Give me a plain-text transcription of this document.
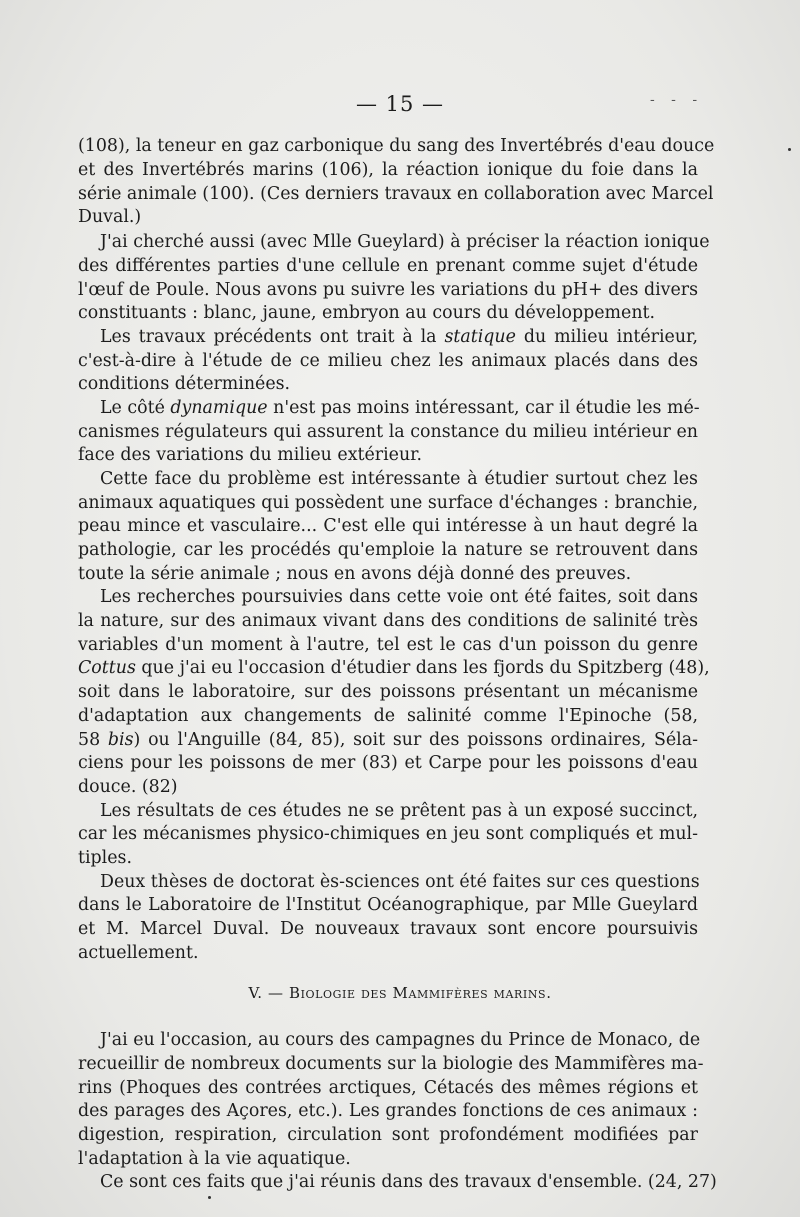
— 15 —	- - -
(108), la teneur en gaz carbonique du sang des Invertébrés d'eau douce
et des Invertébrés marins (106), la réaction ionique du foie dans la
série animale (100). (Ces derniers travaux en collaboration avec Marcel
Duval.)
J'ai cherché aussi (avec Mlle Gueylard) à préciser la réaction ionique
des différentes parties d'une cellule en prenant comme sujet d'étude
l'œuf de Poule. Nous avons pu suivre les variations du pH+ des divers
constituants : blanc, jaune, embryon au cours du développement.
Les travaux précédents ont trait à la statique du milieu intérieur,
c'est-à-dire à l'étude de ce milieu chez les animaux placés dans des
conditions déterminées.
Le côté dynamique n'est pas moins intéressant, car il étudie les mé-
canismes régulateurs qui assurent la constance du milieu intérieur en
face des variations du milieu extérieur.
Cette face du problème est intéressante à étudier surtout chez les
animaux aquatiques qui possèdent une surface d'échanges : branchie,
peau mince et vasculaire... C'est elle qui intéresse à un haut degré la
pathologie, car les procédés qu'emploie la nature se retrouvent dans
toute la série animale ; nous en avons déjà donné des preuves.
Les recherches poursuivies dans cette voie ont été faites, soit dans
la nature, sur des animaux vivant dans des conditions de salinité très
variables d'un moment à l'autre, tel est le cas d'un poisson du genre
Cottus que j'ai eu l'occasion d'étudier dans les fjords du Spitzberg (48),
soit dans le laboratoire, sur des poissons présentant un mécanisme
d'adaptation aux changements de salinité comme l'Epinoche (58,
58 bis) ou l'Anguille (84, 85), soit sur des poissons ordinaires, Sélа-
ciens pour les poissons de mer (83) et Carpe pour les poissons d'eau
douce. (82)
Les résultats de ces études ne se prêtent pas à un exposé succinct,
car les mécanismes physico-chimiques en jeu sont compliqués et mul-
tiples.
Deux thèses de doctorat ès-sciences ont été faites sur ces questions
dans le Laboratoire de l'Institut Océanographique, par Mlle Gueylard
et M. Marcel Duval. De nouveaux travaux sont encore poursuivis
actuellement.
V. — Biologie des Mammifères marins.
J'ai eu l'occasion, au cours des campagnes du Prince de Monaco, de
recueillir de nombreux documents sur la biologie des Mammifères ma-
rins (Phoques des contrées arctiques, Cétacés des mêmes régions et
des parages des Açores, etc.). Les grandes fonctions de ces animaux :
digestion, respiration, circulation sont profondément modifiées par
l'adaptation à la vie aquatique.
Ce sont ces faits que j'ai réunis dans des travaux d'ensemble. (24, 27)
